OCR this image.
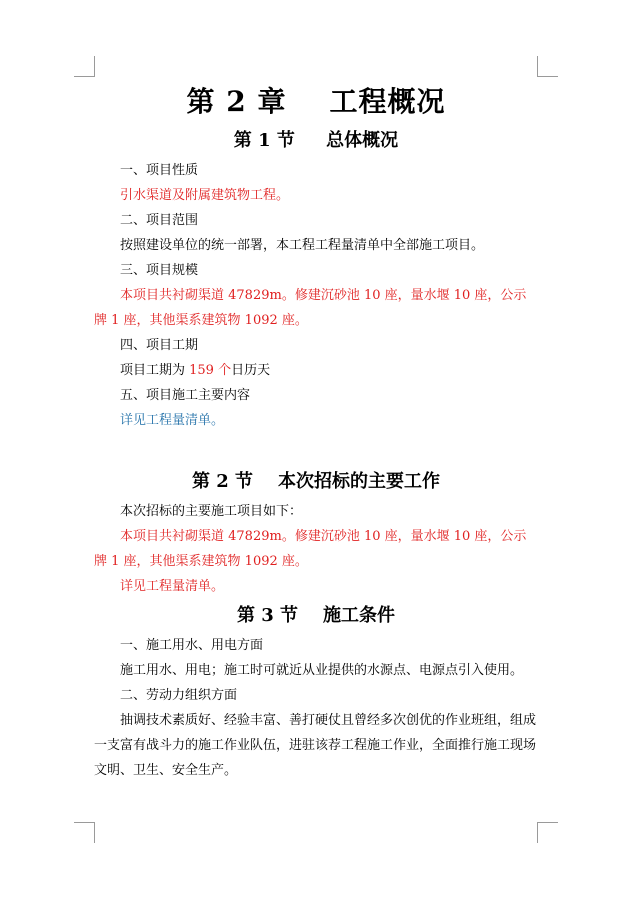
第 2 章    工程概况
第 1 节     总体概况

一、项目性质

引水渠道及附属建筑物工程。

二、项目范围

按照建设单位的统一部署，本工程工程量清单中全部施工项目。

三、项目规模

本项目共衬砌渠道 47829m。修建沉砂池 10 座，量水堰 10 座，公示牌 1 座，其他渠系建筑物 1092 座。

四、项目工期

项目工期为 159 个日历天

五、项目施工主要内容

详见工程量清单。

第 2 节    本次招标的主要工作

本次招标的主要施工项目如下：

本项目共衬砌渠道 47829m。修建沉砂池 10 座，量水堰 10 座，公示牌 1 座，其他渠系建筑物 1092 座。

详见工程量清单。

第 3 节    施工条件

一、施工用水、用电方面

施工用水、用电；施工时可就近从业提供的水源点、电源点引入使用。

二、劳动力组织方面

抽调技术素质好、经验丰富、善打硬仗且曾经多次创优的作业班组，组成一支富有战斗力的施工作业队伍，进驻该荐工程施工作业，全面推行施工现场文明、卫生、安全生产。
